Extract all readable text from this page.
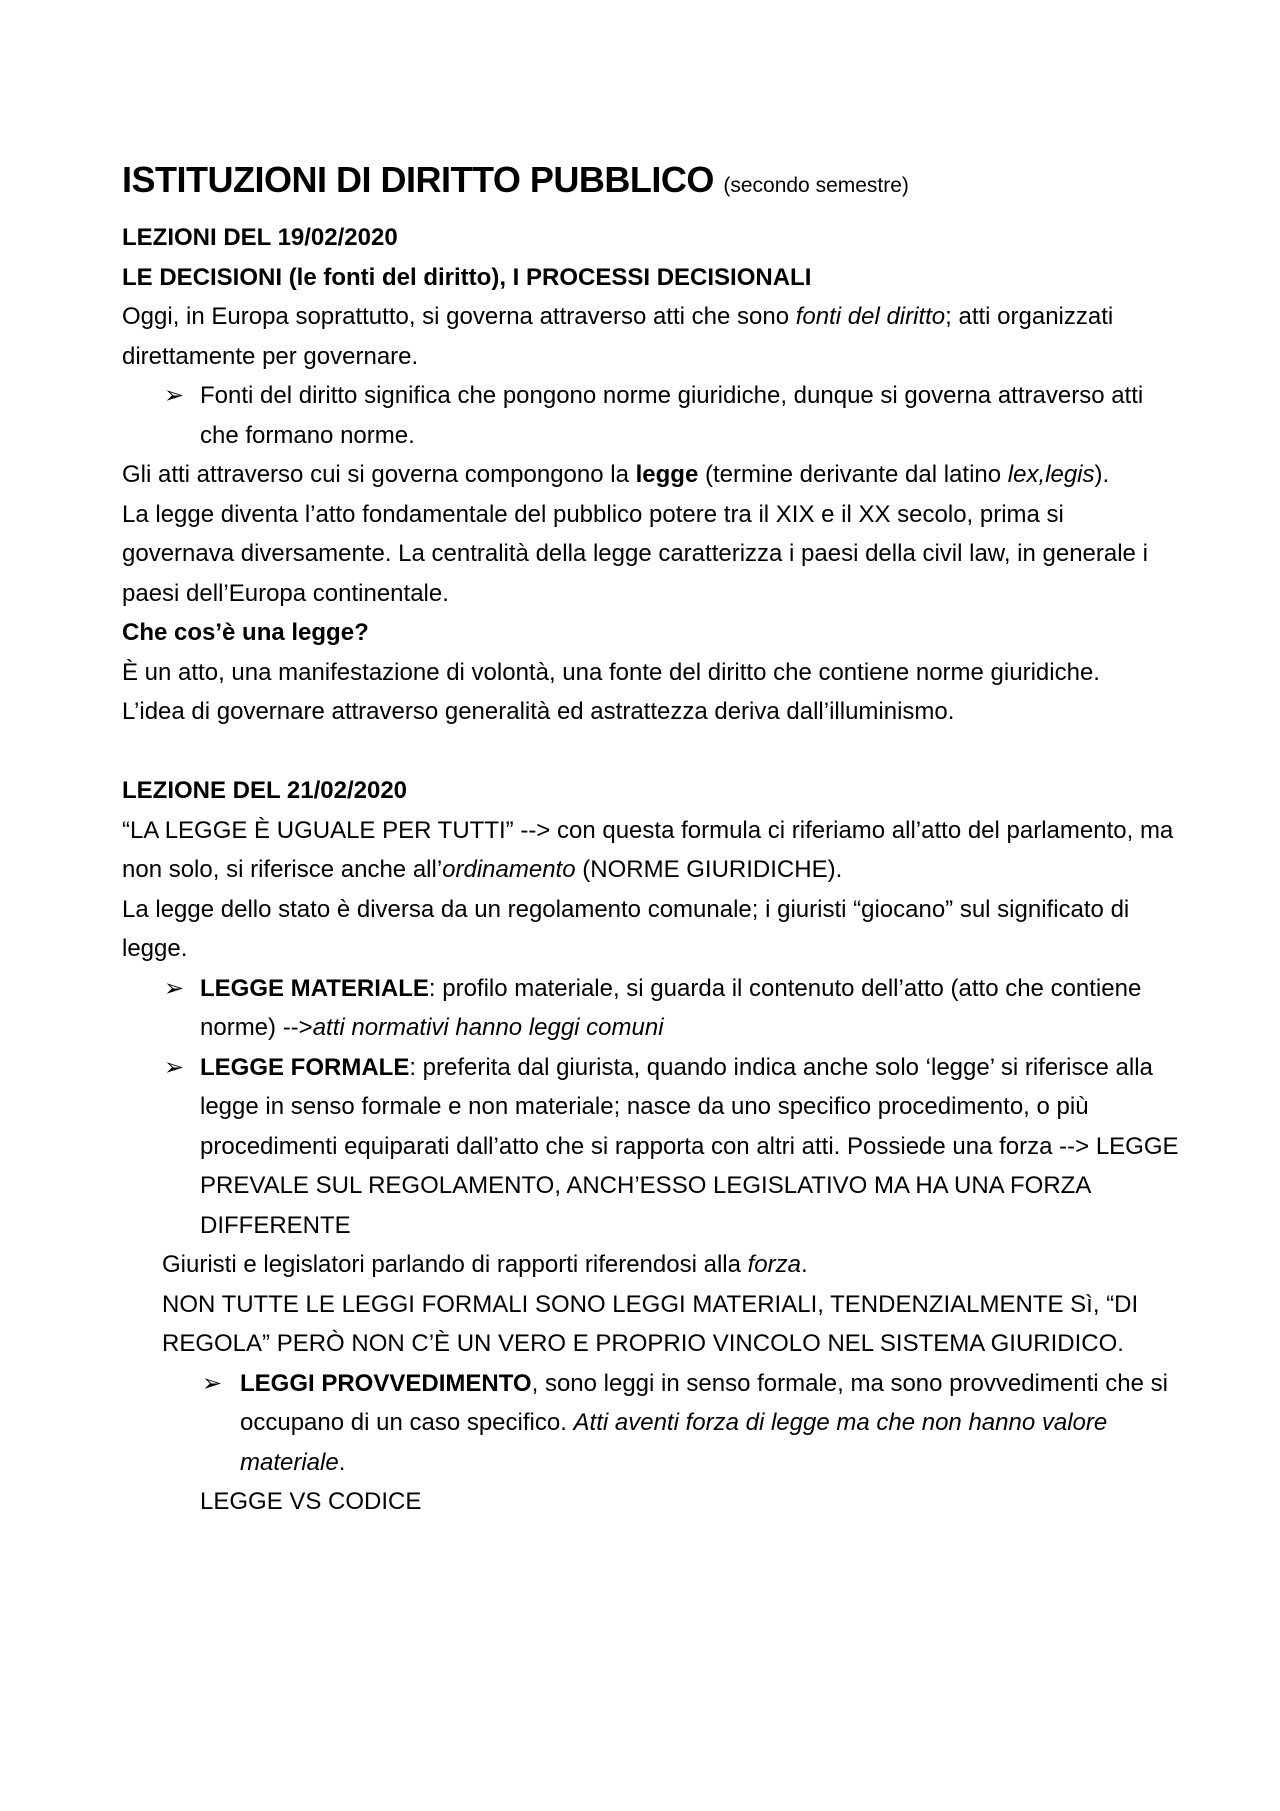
ISTITUZIONI DI DIRITTO PUBBLICO (secondo semestre)

LEZIONI DEL 19/02/2020

LE DECISIONI (le fonti del diritto), I PROCESSI DECISIONALI

Oggi, in Europa soprattutto, si governa attraverso atti che sono fonti del diritto; atti organizzati direttamente per governare.

➢ Fonti del diritto significa che pongono norme giuridiche, dunque si governa attraverso atti che formano norme.

Gli atti attraverso cui si governa compongono la legge (termine derivante dal latino lex,legis).

La legge diventa l’atto fondamentale del pubblico potere tra il XIX e il XX secolo, prima si governava diversamente. La centralità della legge caratterizza i paesi della civil law, in generale i paesi dell’Europa continentale.

Che cos’è una legge?

È un atto, una manifestazione di volontà, una fonte del diritto che contiene norme giuridiche.

L’idea di governare attraverso generalità ed astrattezza deriva dall’illuminismo.

LEZIONE DEL 21/02/2020

“LA LEGGE È UGUALE PER TUTTI” --> con questa formula ci riferiamo all’atto del parlamento, ma non solo, si riferisce anche all’ordinamento (NORME GIURIDICHE).

La legge dello stato è diversa da un regolamento comunale; i giuristi “giocano” sul significato di legge.

➢ LEGGE MATERIALE: profilo materiale, si guarda il contenuto dell’atto (atto che contiene norme) -->atti normativi hanno leggi comuni

➢ LEGGE FORMALE: preferita dal giurista, quando indica anche solo ‘legge’ si riferisce alla legge in senso formale e non materiale; nasce da uno specifico procedimento, o più procedimenti equiparati dall’atto che si rapporta con altri atti. Possiede una forza --> LEGGE PREVALE SUL REGOLAMENTO, ANCH’ESSO LEGISLATIVO MA HA UNA FORZA DIFFERENTE

Giuristi e legislatori parlando di rapporti riferendosi alla forza.

NON TUTTE LE LEGGI FORMALI SONO LEGGI MATERIALI, TENDENZIALMENTE Sì, “DI REGOLA” PERÒ NON C’È UN VERO E PROPRIO VINCOLO NEL SISTEMA GIURIDICO.

➢ LEGGI PROVVEDIMENTO, sono leggi in senso formale, ma sono provvedimenti che si occupano di un caso specifico. Atti aventi forza di legge ma che non hanno valore materiale.

LEGGE VS CODICE
